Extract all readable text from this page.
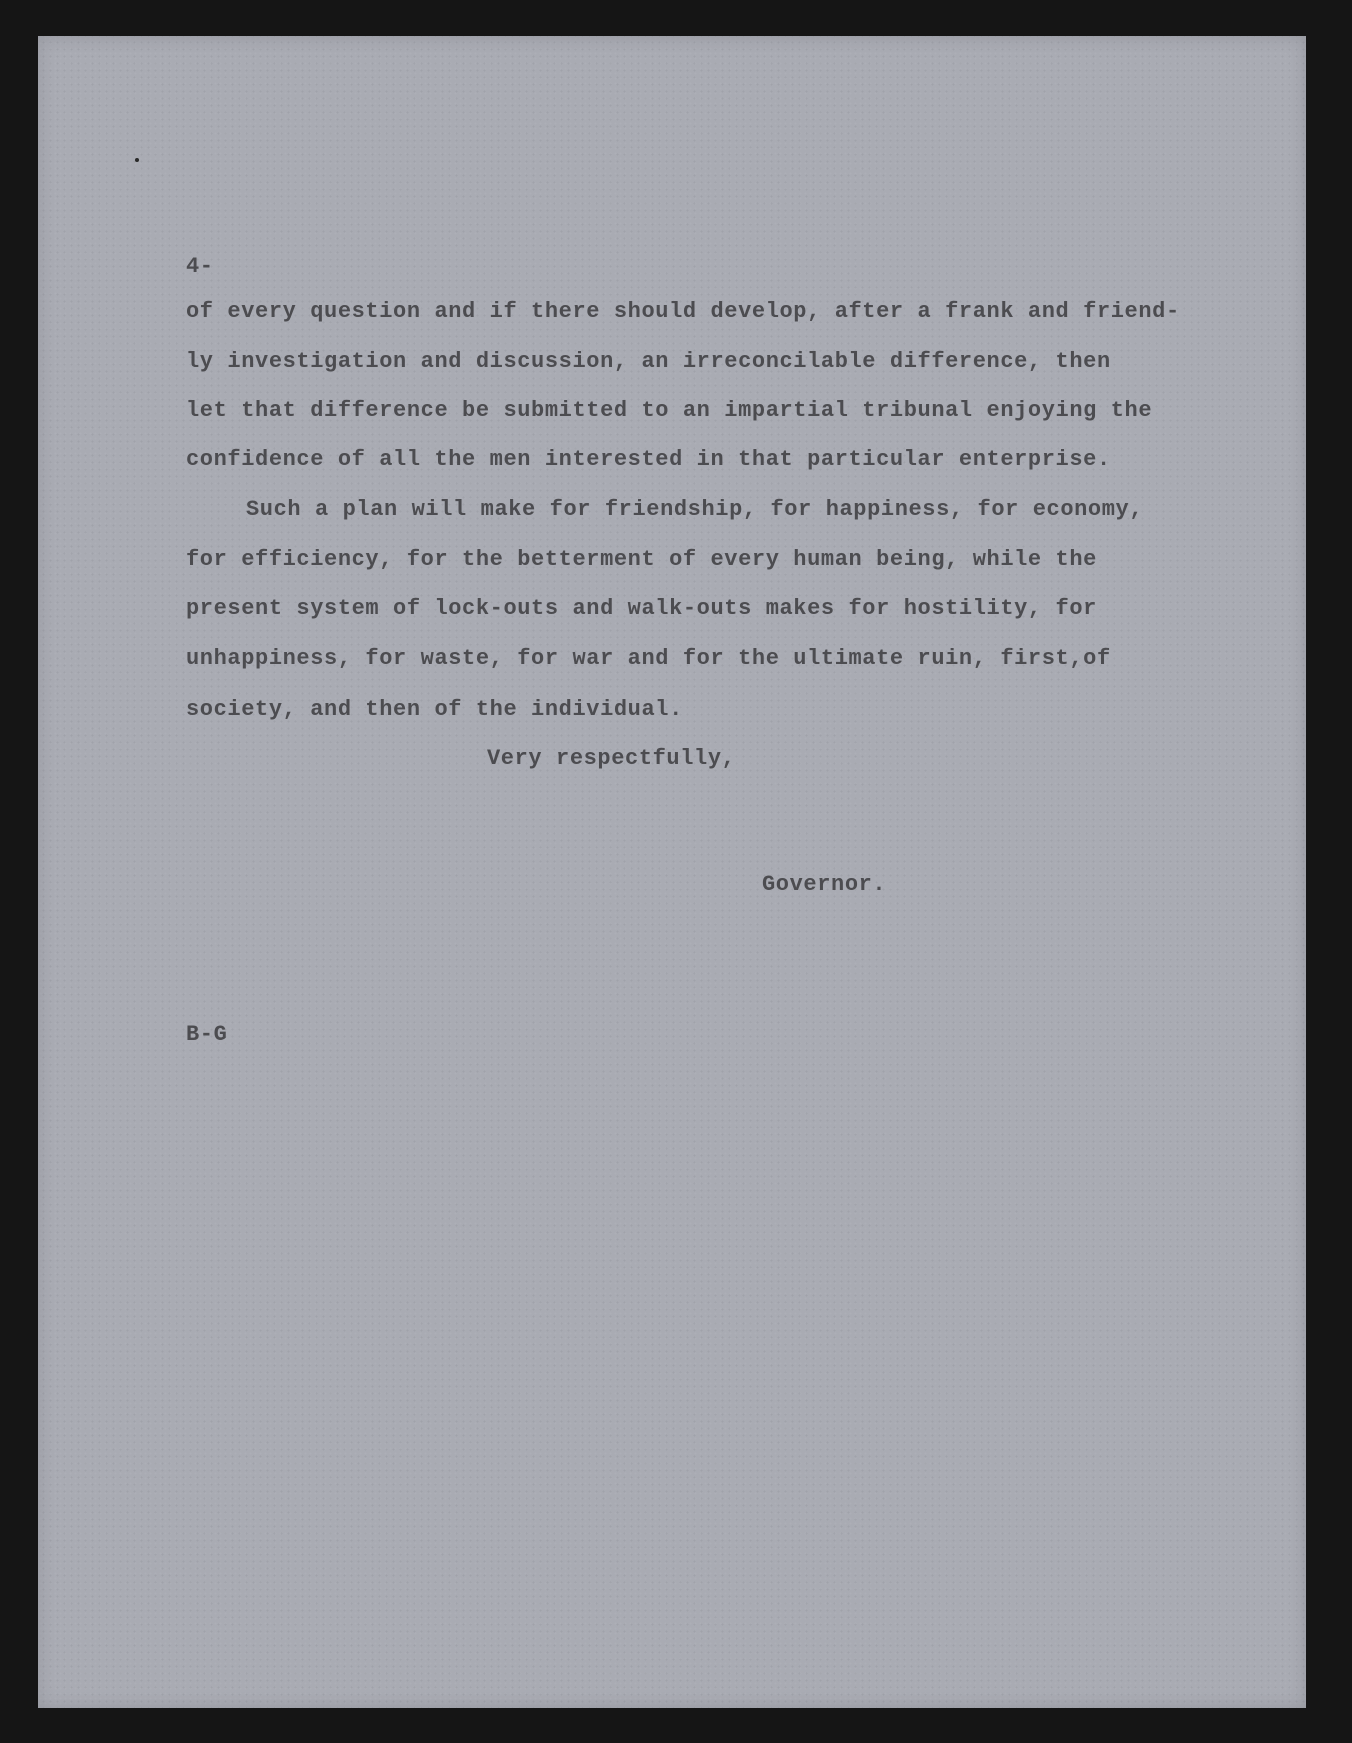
4-
of every question and if there should develop, after a frank and friend-
ly investigation and discussion, an irreconcilable difference, then
let that difference be submitted to an impartial tribunal enjoying the
confidence of all the men interested in that particular enterprise.
Such a plan will make for friendship, for happiness, for economy,
for efficiency, for the betterment of every human being, while the
present system of lock-outs and walk-outs makes for hostility, for
unhappiness, for waste, for war and for the ultimate ruin, first,of
society, and then of the individual.
Very respectfully,
Governor.
B-G
